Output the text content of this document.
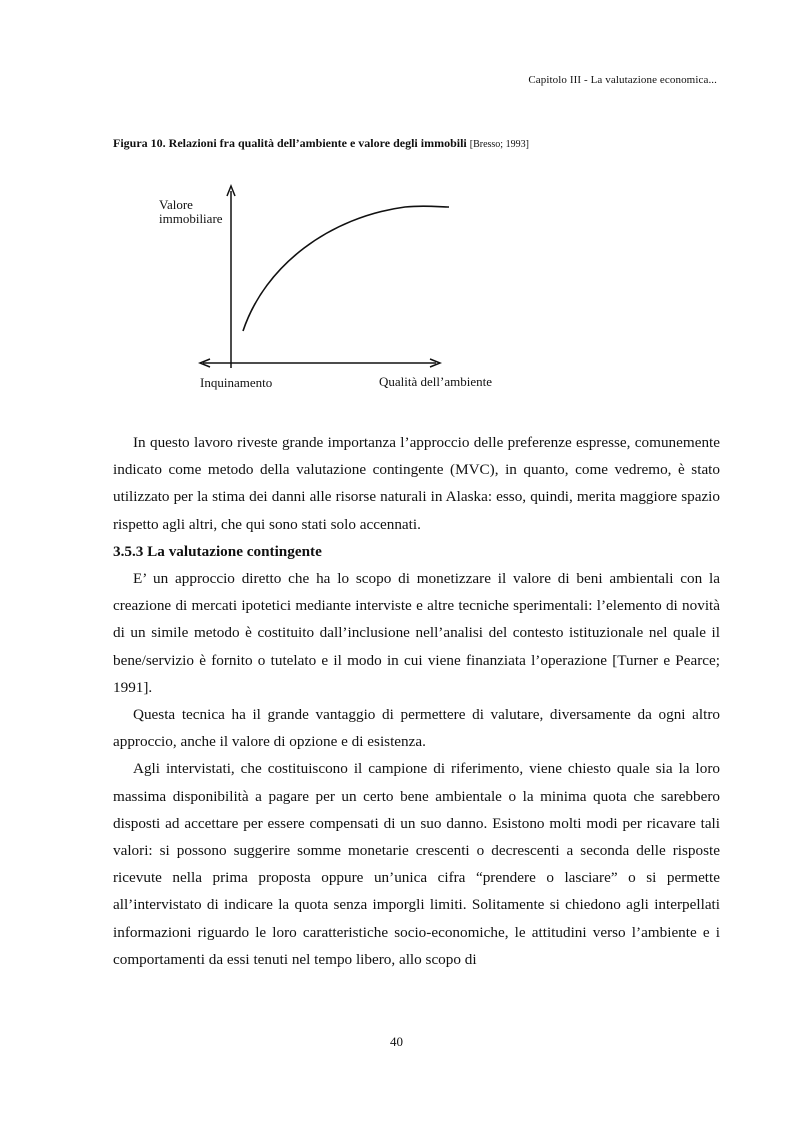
Capitolo III - La valutazione economica...
Figura 10. Relazioni fra qualità dell’ambiente e valore degli immobili [Bresso; 1993]
Valore
immobiliare
Inquinamento	Qualità dell’ambiente

In questo lavoro riveste grande importanza l’approccio delle preferenze espresse, comunemente indicato come metodo della valutazione contingente (MVC), in quanto, come vedremo, è stato utilizzato per la stima dei danni alle risorse naturali in Alaska: esso, quindi, merita maggiore spazio rispetto agli altri, che qui sono stati solo accennati.

3.5.3 La valutazione contingente

E’ un approccio diretto che ha lo scopo di monetizzare il valore di beni ambientali con la creazione di mercati ipotetici mediante interviste e altre tecniche sperimentali: l’elemento di novità di un simile metodo è costituito dall’inclusione nell’analisi del contesto istituzionale nel quale il bene/servizio è fornito o tutelato e il modo in cui viene finanziata l’operazione [Turner e Pearce; 1991].

Questa tecnica ha il grande vantaggio di permettere di valutare, diversamente da ogni altro approccio, anche il valore di opzione e di esistenza.

Agli intervistati, che costituiscono il campione di riferimento, viene chiesto quale sia la loro massima disponibilità a pagare per un certo bene ambientale o la minima quota che sarebbero disposti ad accettare per essere compensati di un suo danno. Esistono molti modi per ricavare tali valori: si possono suggerire somme monetarie crescenti o decrescenti a seconda delle risposte ricevute nella prima proposta oppure un’unica cifra “prendere o lasciare” o si permette all’intervistato di indicare la quota senza imporgli limiti. Solitamente si chiedono agli interpellati informazioni riguardo le loro caratteristiche socio-economiche, le attitudini verso l’ambiente e i comportamenti da essi tenuti nel tempo libero, allo scopo di

40
